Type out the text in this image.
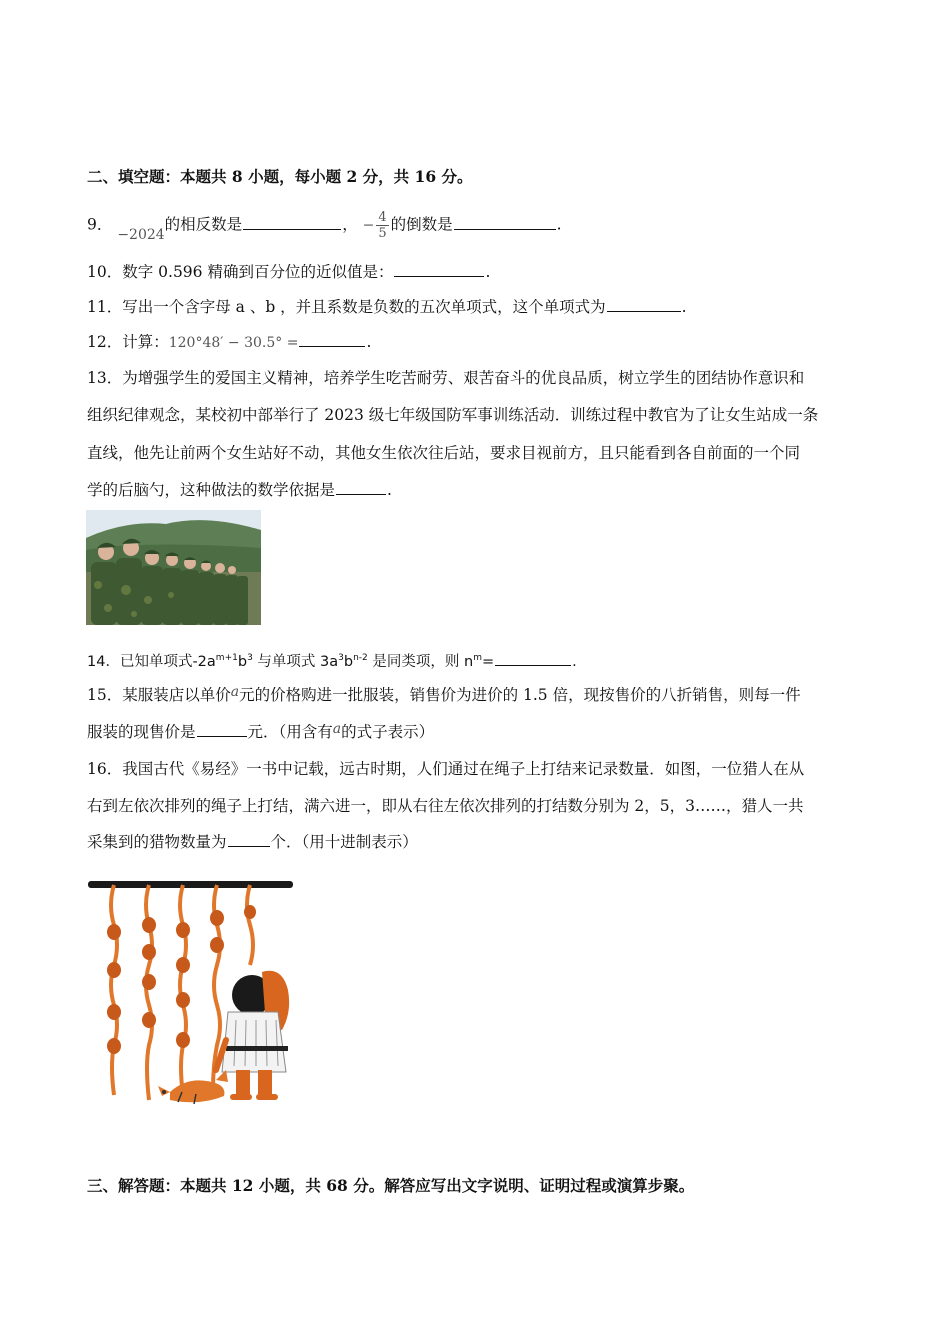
二、填空题：本题共 8 小题，每小题 2 分，共 16 分。
9． −2024的相反数是	， − $\frac{4}{5}$ 的倒数是	.
10．数字 0.596 精确到百分位的近似值是：	.
11．写出一个含字母 a 、b ，并且系数是负数的五次单项式，这个单项式为	.
12．计算：120°48′ − 30.5° =	.
13．为增强学生的爱国主义精神，培养学生吃苦耐劳、艰苦奋斗的优良品质，树立学生的团结协作意识和
组织纪律观念，某校初中部举行了 2023 级七年级国防军事训练活动．训练过程中教官为了让女生站成一条
直线，他先让前两个女生站好不动，其他女生依次往后站，要求目视前方，且只能看到各自前面的一个同
学的后脑勺，这种做法的数学依据是	.
14．已知单项式$-2a^{m+1}b^3$ 与单项式 $3a^3b^{n-2}$ 是同类项，则 $n^m=$	.
15．某服装店以单价a元的价格购进一批服装，销售价为进价的 1.5 倍，现按售价的八折销售，则每一件
服装的现售价是	元．（用含有a的式子表示）
16．我国古代《易经》一书中记载，远古时期，人们通过在绳子上打结来记录数量．如图，一位猎人在从
右到左依次排列的绳子上打结，满六进一，即从右往左依次排列的打结数分别为 2，5，3……，猎人一共
采集到的猎物数量为	个．（用十进制表示）
三、解答题：本题共 12 小题，共 68 分。解答应写出文字说明、证明过程或演算步聚。
